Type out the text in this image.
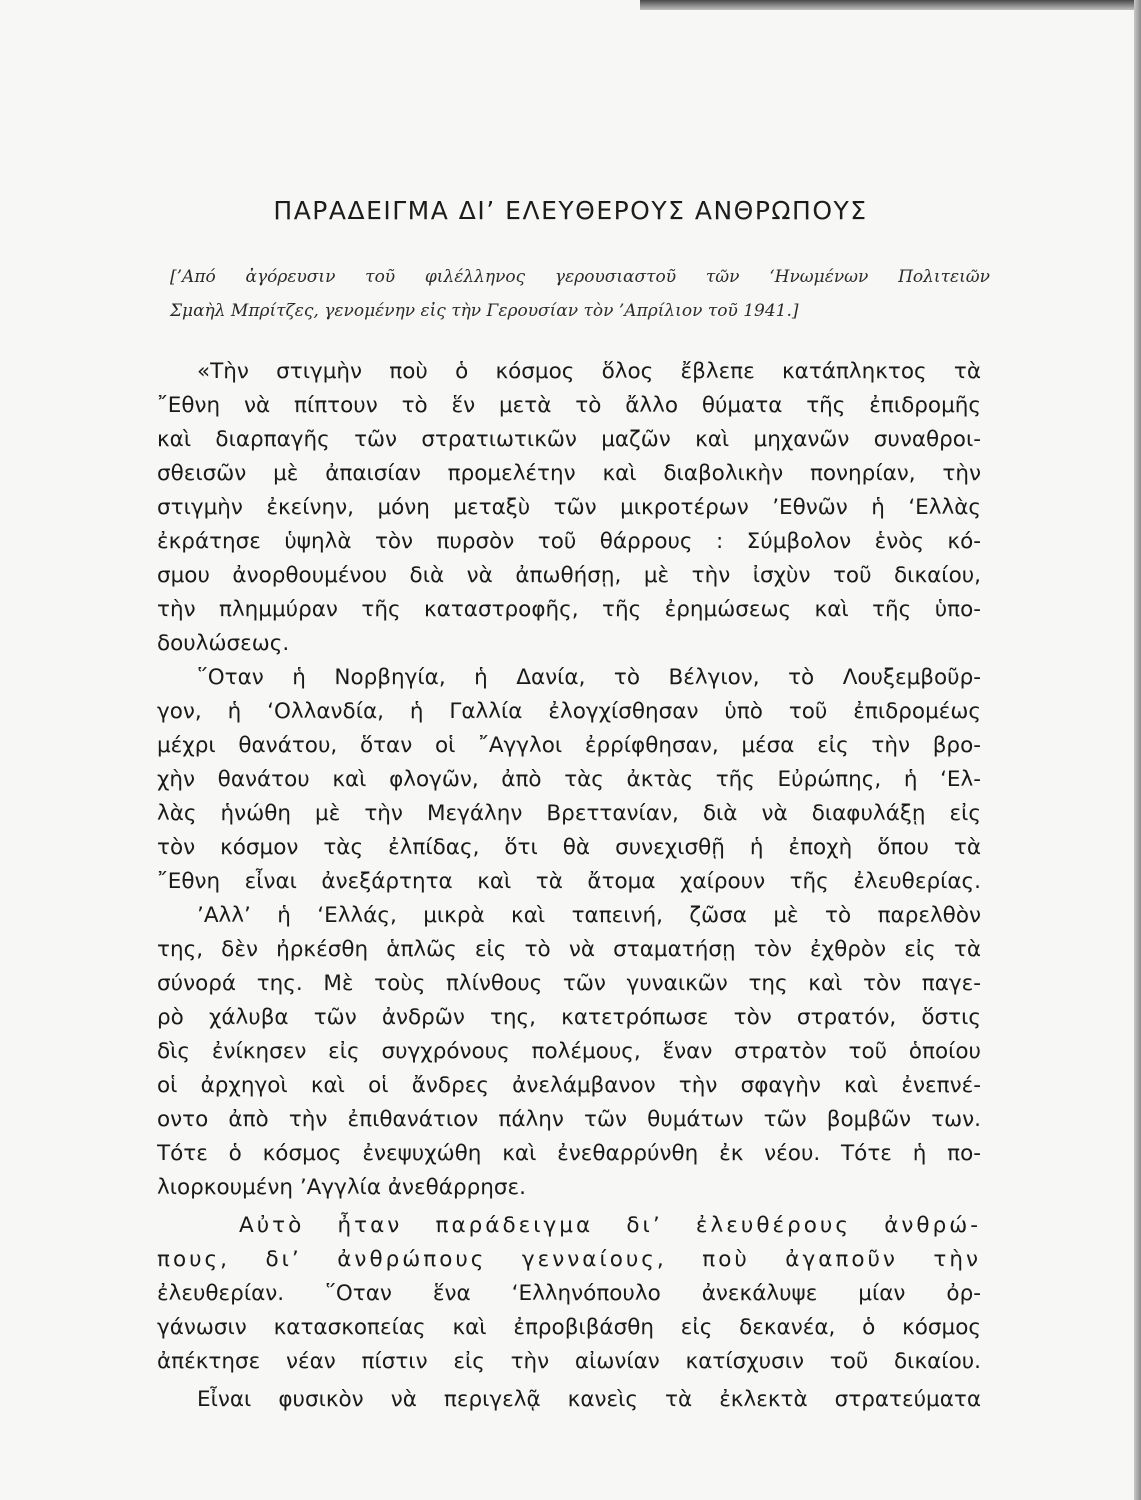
ΠΑΡΑΔΕΙΓΜΑ ΔΙ’ ΕΛΕΥΘΕΡΟΥΣ ΑΝΘΡΩΠΟΥΣ
[’Από ἀγόρευσιν τοῦ φιλέλληνος γερουσιαστοῦ τῶν ‘Ηνωμένων Πολιτειῶν
Σμαὴλ Μπρίτζες, γενομένην εἰς τὴν Γερουσίαν τὸν ’Απρίλιον τοῦ 1941.]
«Τὴν στιγμὴν ποὺ ὁ κόσμος ὅλος ἔβλεπε κατάπληκτος τὰ
῎Εθνη νὰ πίπτουν τὸ ἕν μετὰ τὸ ἄλλο θύματα τῆς ἐπιδρομῆς
καὶ διαρπαγῆς τῶν στρατιωτικῶν μαζῶν καὶ μηχανῶν συναθροι-
σθεισῶν μὲ ἀπαισίαν προμελέτην καὶ διαβολικὴν πονηρίαν, τὴν
στιγμὴν ἐκείνην, μόνη μεταξὺ τῶν μικροτέρων ’Εθνῶν ἡ ‘Ελλὰς
ἐκράτησε ὑψηλὰ τὸν πυρσὸν τοῦ θάρρους : Σύμβολον ἑνὸς κό-
σμου ἀνορθουμένου διὰ νὰ ἀπωθήσῃ, μὲ τὴν ἰσχὺν τοῦ δικαίου,
τὴν πλημμύραν τῆς καταστροφῆς, τῆς ἐρημώσεως καὶ τῆς ὑπο-
δουλώσεως.
῞Οταν ἡ Νορβηγία, ἡ Δανία, τὸ Βέλγιον, τὸ Λουξεμβοῦρ-
γον, ἡ ‘Ολλανδία, ἡ Γαλλία ἐλογχίσθησαν ὑπὸ τοῦ ἐπιδρομέως
μέχρι θανάτου, ὅταν οἱ ῎Αγγλοι ἐρρίφθησαν, μέσα εἰς τὴν βρο-
χὴν θανάτου καὶ φλογῶν, ἀπὸ τὰς ἀκτὰς τῆς Εὐρώπης, ἡ ‘Ελ-
λὰς ἡνώθη μὲ τὴν Μεγάλην Βρεττανίαν, διὰ νὰ διαφυλάξῃ εἰς
τὸν κόσμον τὰς ἐλπίδας, ὅτι θὰ συνεχισθῇ ἡ ἐποχὴ ὅπου τὰ
῎Εθνη εἶναι ἀνεξάρτητα καὶ τὰ ἄτομα χαίρουν τῆς ἐλευθερίας.
’Αλλ’ ἡ ‘Ελλάς, μικρὰ καὶ ταπεινή, ζῶσα μὲ τὸ παρελθὸν
της, δὲν ἠρκέσθη ἁπλῶς εἰς τὸ νὰ σταματήσῃ τὸν ἐχθρὸν εἰς τὰ
σύνορά της. Μὲ τοὺς πλίνθους τῶν γυναικῶν της καὶ τὸν παγε-
ρὸ χάλυβα τῶν ἀνδρῶν της, κατετρόπωσε τὸν στρατόν, ὅστις
δὶς ἐνίκησεν εἰς συγχρόνους πολέμους, ἕναν στρατὸν τοῦ ὁποίου
οἱ ἀρχηγοὶ καὶ οἱ ἄνδρες ἀνελάμβανον τὴν σφαγὴν καὶ ἐνεπνέ-
οντο ἀπὸ τὴν ἐπιθανάτιον πάλην τῶν θυμάτων τῶν βομβῶν των.
Τότε ὁ κόσμος ἐνεψυχώθη καὶ ἐνεθαρρύνθη ἐκ νέου. Τότε ἡ πο-
λιορκουμένη ’Αγγλία ἀνεθάρρησε.
Αὐτὸ ἦταν παράδειγμα δι’ ἐλευθέρους ἀνθρώ-
πους, δι’ ἀνθρώπους γενναίους, ποὺ ἀγαποῦν τὴν
ἐλευθερίαν. ῞Οταν ἕνα ‘Ελληνόπουλο ἀνεκάλυψε μίαν ὀρ-
γάνωσιν κατασκοπείας καὶ ἐπροβιβάσθη εἰς δεκανέα, ὁ κόσμος
ἀπέκτησε νέαν πίστιν εἰς τὴν αἰωνίαν κατίσχυσιν τοῦ δικαίου.
Εἶναι φυσικὸν νὰ περιγελᾷ κανεὶς τὰ ἐκλεκτὰ στρατεύματα
